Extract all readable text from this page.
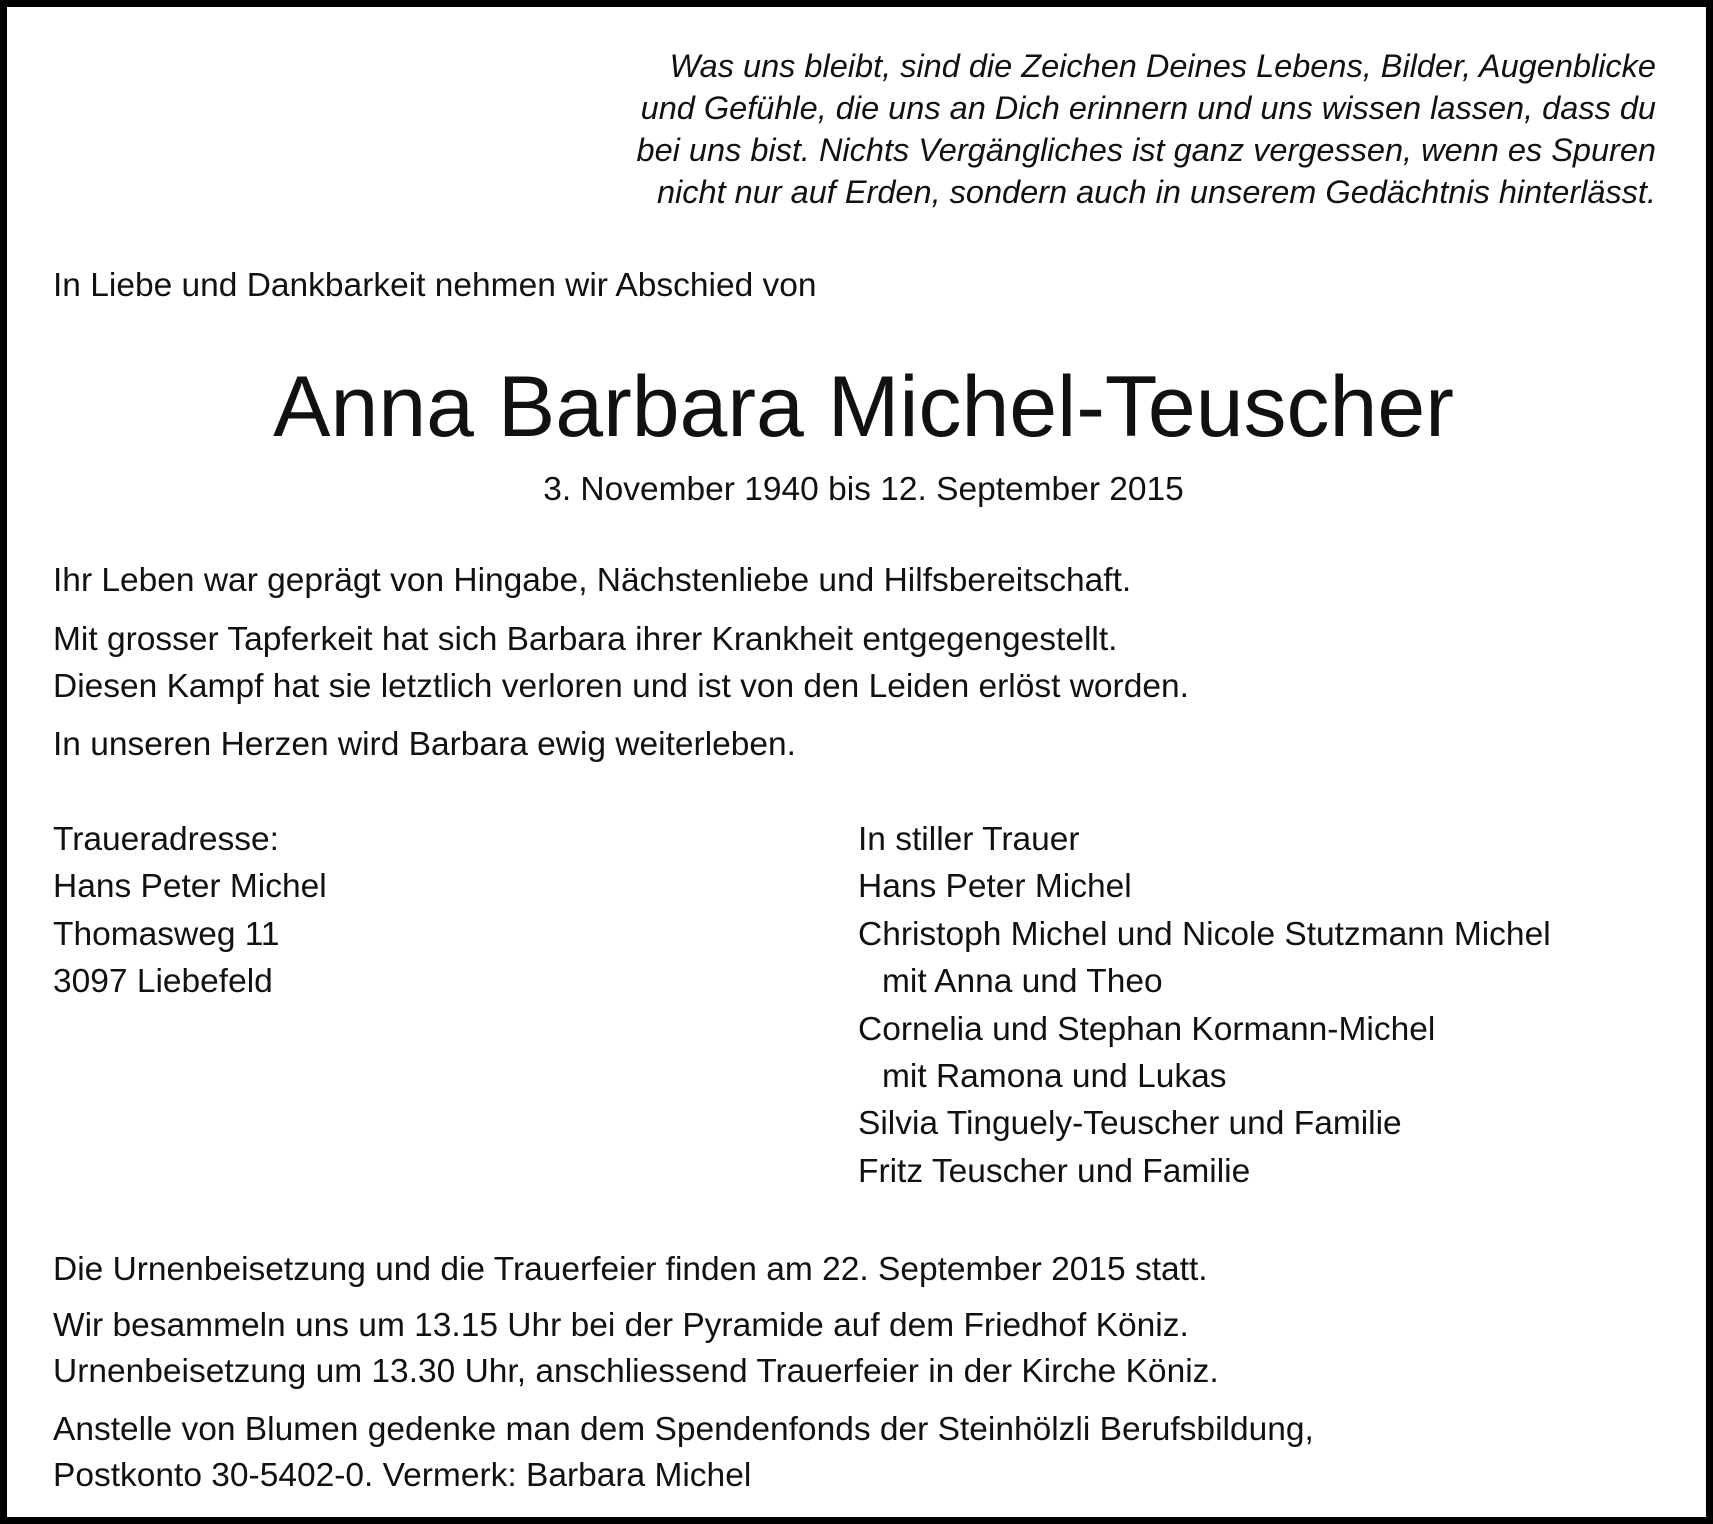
Was uns bleibt, sind die Zeichen Deines Lebens, Bilder, Augenblicke
und Gefühle, die uns an Dich erinnern und uns wissen lassen, dass du
bei uns bist. Nichts Vergängliches ist ganz vergessen, wenn es Spuren
nicht nur auf Erden, sondern auch in unserem Gedächtnis hinterlässt.
In Liebe und Dankbarkeit nehmen wir Abschied von
Anna Barbara Michel-Teuscher
3. November 1940 bis 12. September 2015
Ihr Leben war geprägt von Hingabe, Nächstenliebe und Hilfsbereitschaft.
Mit grosser Tapferkeit hat sich Barbara ihrer Krankheit entgegengestellt.
Diesen Kampf hat sie letztlich verloren und ist von den Leiden erlöst worden.
In unseren Herzen wird Barbara ewig weiterleben.
Traueradresse:
Hans Peter Michel
Thomasweg 11
3097 Liebefeld
In stiller Trauer
Hans Peter Michel
Christoph Michel und Nicole Stutzmann Michel
mit Anna und Theo
Cornelia und Stephan Kormann-Michel
mit Ramona und Lukas
Silvia Tinguely-Teuscher und Familie
Fritz Teuscher und Familie
Die Urnenbeisetzung und die Trauerfeier finden am 22. September 2015 statt.
Wir besammeln uns um 13.15 Uhr bei der Pyramide auf dem Friedhof Köniz.
Urnenbeisetzung um 13.30 Uhr, anschliessend Trauerfeier in der Kirche Köniz.
Anstelle von Blumen gedenke man dem Spendenfonds der Steinhölzli Berufsbildung,
Postkonto 30-5402-0. Vermerk: Barbara Michel
